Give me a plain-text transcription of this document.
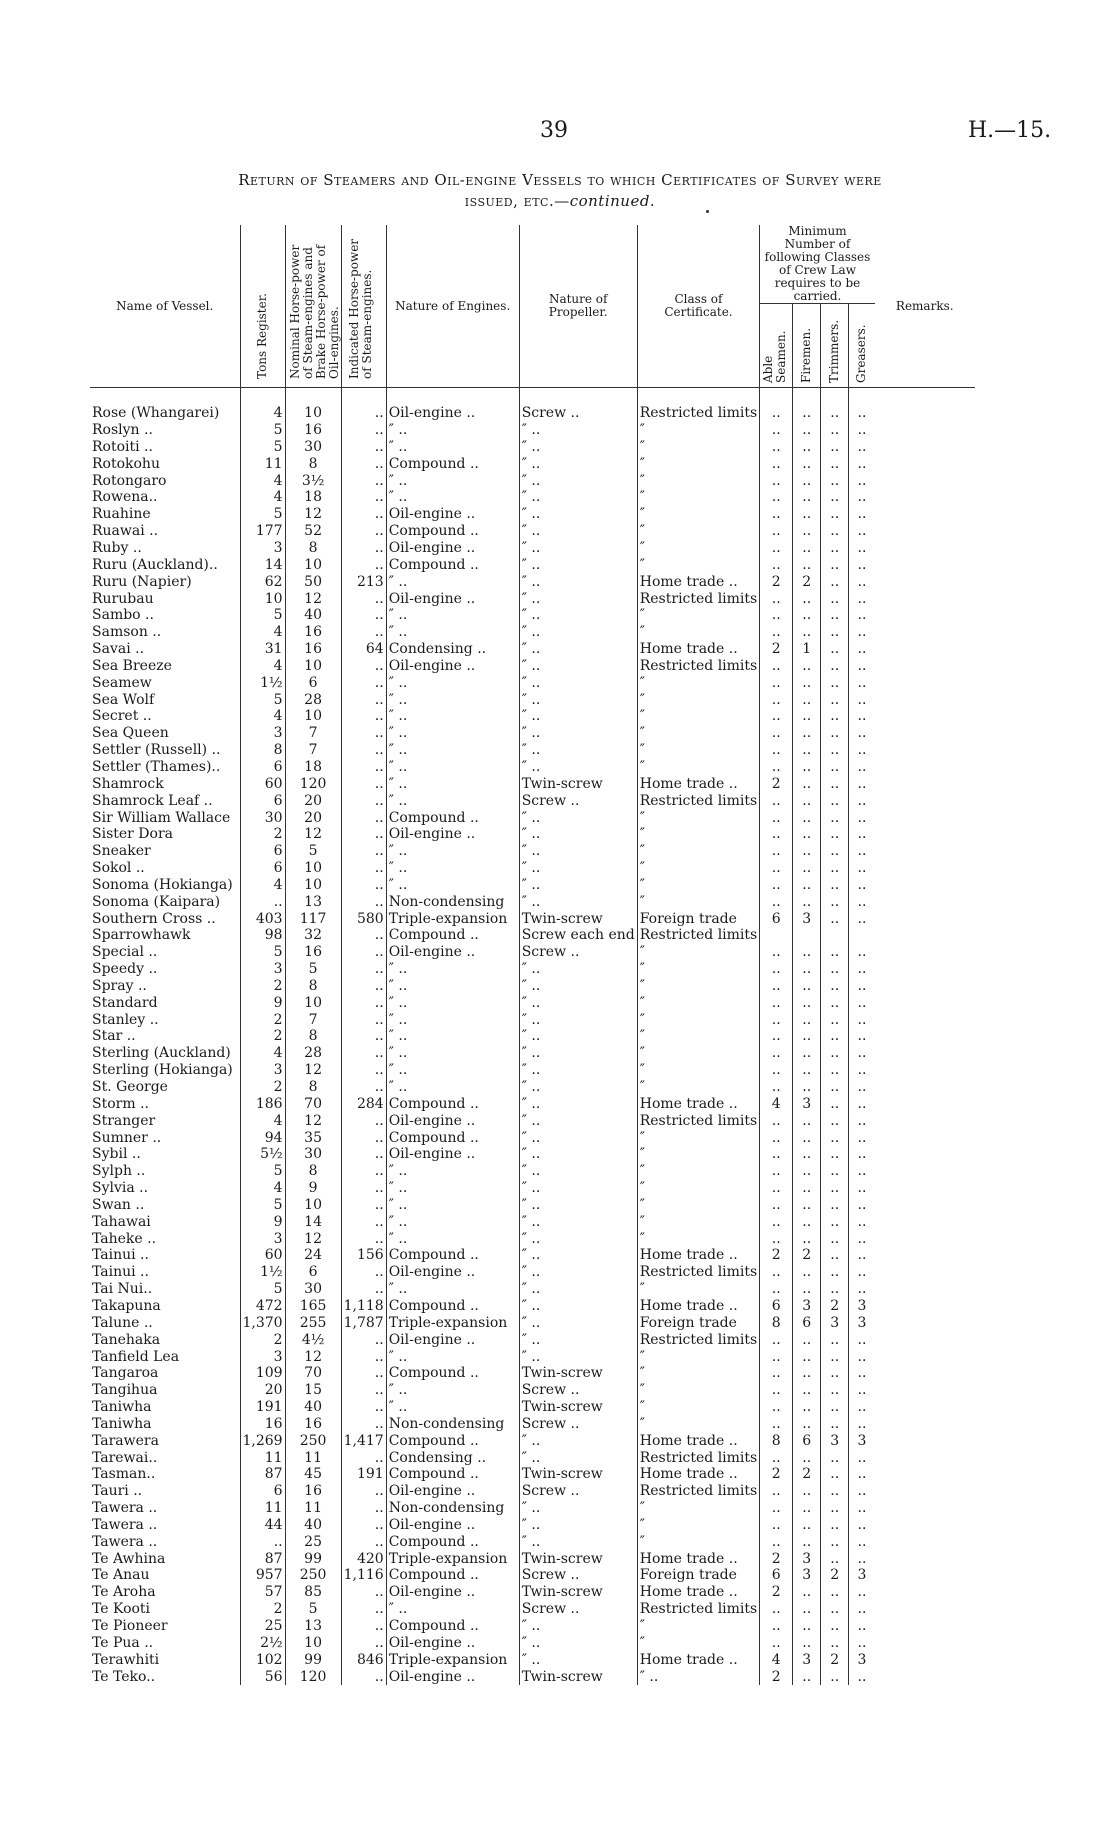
39	H.—15.
Return of Steamers and Oil-engine Vessels to which Certificates of Survey were
issued, etc.—continued.
Name of Vessel.	Tons Register.	Nominal Horse-power of Steam-engines and Brake Horse-power of Oil-engines.	Indicated Horse-power of Steam-engines.	Nature of Engines.	Nature of Propeller.	Class of Certificate.	Minimum Number of following Classes of Crew Law requires to be carried.				Remarks.

							Able Seamen.	Firemen.	Trimmers.	Greasers.	

Rose (Whangarei)	4	10	..	Oil-engine ..	Screw ..	Restricted limits	..	..	..	..	
Roslyn ..	5	16	..	″ ..	″ ..	″	..	..	..	..	
Rotoiti ..	5	30	..	″ ..	″ ..	″	..	..	..	..	
Rotokohu	11	8	..	Compound ..	″ ..	″	..	..	..	..	
Rotongaro	4	3½	..	″ ..	″ ..	″	..	..	..	..	
Rowena..	4	18	..	″ ..	″ ..	″	..	..	..	..	
Ruahine	5	12	..	Oil-engine ..	″ ..	″	..	..	..	..	
Ruawai ..	177	52	..	Compound ..	″ ..	″	..	..	..	..	
Ruby ..	3	8	..	Oil-engine ..	″ ..	″	..	..	..	..	
Ruru (Auckland)..	14	10	..	Compound ..	″ ..	″	..	..	..	..	
Ruru (Napier)	62	50	213	″ ..	″ ..	Home trade ..	2	2	..	..	
Rurubau	10	12	..	Oil-engine ..	″ ..	Restricted limits	..	..	..	..	
Sambo ..	5	40	..	″ ..	″ ..	″	..	..	..	..	
Samson ..	4	16	..	″ ..	″ ..	″	..	..	..	..	
Savai ..	31	16	64	Condensing ..	″ ..	Home trade ..	2	1	..	..	
Sea Breeze	4	10	..	Oil-engine ..	″ ..	Restricted limits	..	..	..	..	
Seamew	1½	6	..	″ ..	″ ..	″	..	..	..	..	
Sea Wolf	5	28	..	″ ..	″ ..	″	..	..	..	..	
Secret ..	4	10	..	″ ..	″ ..	″	..	..	..	..	
Sea Queen	3	7	..	″ ..	″ ..	″	..	..	..	..	
Settler (Russell) ..	8	7	..	″ ..	″ ..	″	..	..	..	..	
Settler (Thames)..	6	18	..	″ ..	″ ..	″	..	..	..	..	
Shamrock	60	120	..	″ ..	Twin-screw	Home trade ..	2	..	..	..	
Shamrock Leaf ..	6	20	..	″ ..	Screw ..	Restricted limits	..	..	..	..	
Sir William Wallace	30	20	..	Compound ..	″ ..	″	..	..	..	..	
Sister Dora	2	12	..	Oil-engine ..	″ ..	″	..	..	..	..	
Sneaker	6	5	..	″ ..	″ ..	″	..	..	..	..	
Sokol ..	6	10	..	″ ..	″ ..	″	..	..	..	..	
Sonoma (Hokianga)	4	10	..	″ ..	″ ..	″	..	..	..	..	
Sonoma (Kaipara)	..	13	..	Non-condensing	″ ..	″	..	..	..	..	
Southern Cross ..	403	117	580	Triple-expansion	Twin-screw	Foreign trade	6	3	..	..	
Sparrowhawk	98	32	..	Compound ..	Screw each end	Restricted limits					
Special ..	5	16	..	Oil-engine ..	Screw ..	″	..	..	..	..	
Speedy ..	3	5	..	″ ..	″ ..	″	..	..	..	..	
Spray ..	2	8	..	″ ..	″ ..	″	..	..	..	..	
Standard	9	10	..	″ ..	″ ..	″	..	..	..	..	
Stanley ..	2	7	..	″ ..	″ ..	″	..	..	..	..	
Star ..	2	8	..	″ ..	″ ..	″	..	..	..	..	
Sterling (Auckland)	4	28	..	″ ..	″ ..	″	..	..	..	..	
Sterling (Hokianga)	3	12	..	″ ..	″ ..	″	..	..	..	..	
St. George	2	8	..	″ ..	″ ..	″	..	..	..	..	
Storm ..	186	70	284	Compound ..	″ ..	Home trade ..	4	3	..	..	
Stranger	4	12	..	Oil-engine ..	″ ..	Restricted limits	..	..	..	..	
Sumner ..	94	35	..	Compound ..	″ ..	″	..	..	..	..	
Sybil ..	5½	30	..	Oil-engine ..	″ ..	″	..	..	..	..	
Sylph ..	5	8	..	″ ..	″ ..	″	..	..	..	..	
Sylvia ..	4	9	..	″ ..	″ ..	″	..	..	..	..	
Swan ..	5	10	..	″ ..	″ ..	″	..	..	..	..	
Tahawai	9	14	..	″ ..	″ ..	″	..	..	..	..	
Taheke ..	3	12	..	″ ..	″ ..	″	..	..	..	..	
Tainui ..	60	24	156	Compound ..	″ ..	Home trade ..	2	2	..	..	
Tainui ..	1½	6	..	Oil-engine ..	″ ..	Restricted limits	..	..	..	..	
Tai Nui..	5	30	..	″ ..	″ ..	″	..	..	..	..	
Takapuna	472	165	1,118	Compound ..	″ ..	Home trade ..	6	3	2	3	
Talune ..	1,370	255	1,787	Triple-expansion	″ ..	Foreign trade	8	6	3	3	
Tanehaka	2	4½	..	Oil-engine ..	″ ..	Restricted limits	..	..	..	..	
Tanfield Lea	3	12	..	″ ..	″ ..	″	..	..	..	..	
Tangaroa	109	70	..	Compound ..	Twin-screw	″	..	..	..	..	
Tangihua	20	15	..	″ ..	Screw ..	″	..	..	..	..	
Taniwha	191	40	..	″ ..	Twin-screw	″	..	..	..	..	
Taniwha	16	16	..	Non-condensing	Screw ..	″	..	..	..	..	
Tarawera	1,269	250	1,417	Compound ..	″ ..	Home trade ..	8	6	3	3	
Tarewai..	11	11	..	Condensing ..	″ ..	Restricted limits	..	..	..	..	
Tasman..	87	45	191	Compound ..	Twin-screw	Home trade ..	2	2	..	..	
Tauri ..	6	16	..	Oil-engine ..	Screw ..	Restricted limits	..	..	..	..	
Tawera ..	11	11	..	Non-condensing	″ ..	″	..	..	..	..	
Tawera ..	44	40	..	Oil-engine ..	″ ..	″	..	..	..	..	
Tawera ..	..	25	..	Compound ..	″ ..	″	..	..	..	..	
Te Awhina	87	99	420	Triple-expansion	Twin-screw	Home trade ..	2	3	..	..	
Te Anau	957	250	1,116	Compound ..	Screw ..	Foreign trade	6	3	2	3	
Te Aroha	57	85	..	Oil-engine ..	Twin-screw	Home trade ..	2	..	..	..	
Te Kooti	2	5	..	″ ..	Screw ..	Restricted limits	..	..	..	..	
Te Pioneer	25	13	..	Compound ..	″ ..	″	..	..	..	..	
Te Pua ..	2½	10	..	Oil-engine ..	″ ..	″	..	..	..	..	
Terawhiti	102	99	846	Triple-expansion	″ ..	Home trade ..	4	3	2	3	
Te Teko..	56	120	..	Oil-engine ..	Twin-screw	″ ..	2	..	..	..	
